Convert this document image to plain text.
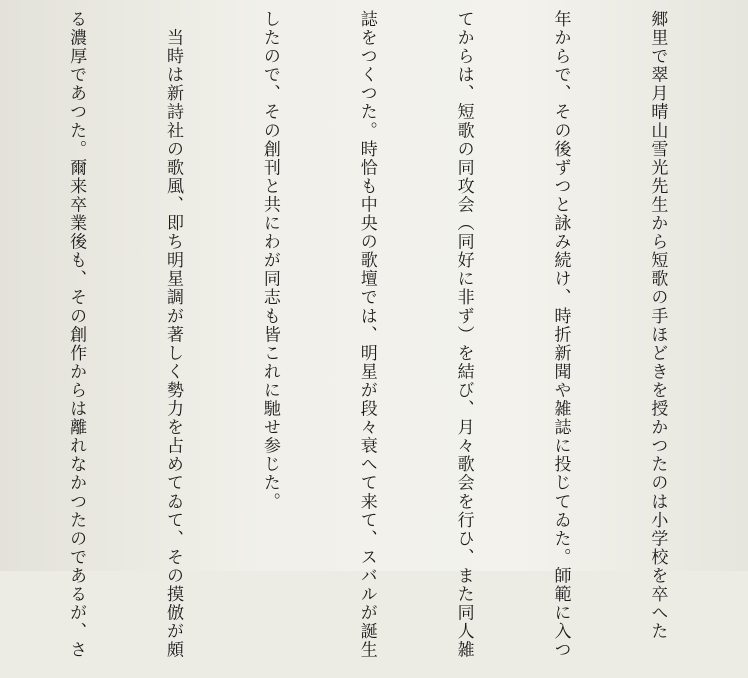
郷里で翠月晴山雪光先生から短歌の手ほどきを授かつたのは小学校を卒へた

年からで、その後ずつと詠み続け、時折新聞や雑誌に投じてゐた。師範に入つ

てからは、短歌の同攻会（同好に非ず）を結び、月々歌会を行ひ、また同人雑

誌をつくつた。時恰も中央の歌壇では、明星が段々衰へて来て、スバルが誕生

したので、その創刊と共にわが同志も皆これに馳せ参じた。

　当時は新詩社の歌風、即ち明星調が著しく勢力を占めてゐて、その摸倣が頗

る濃厚であつた。爾来卒業後も、その創作からは離れなかつたのであるが、さ
